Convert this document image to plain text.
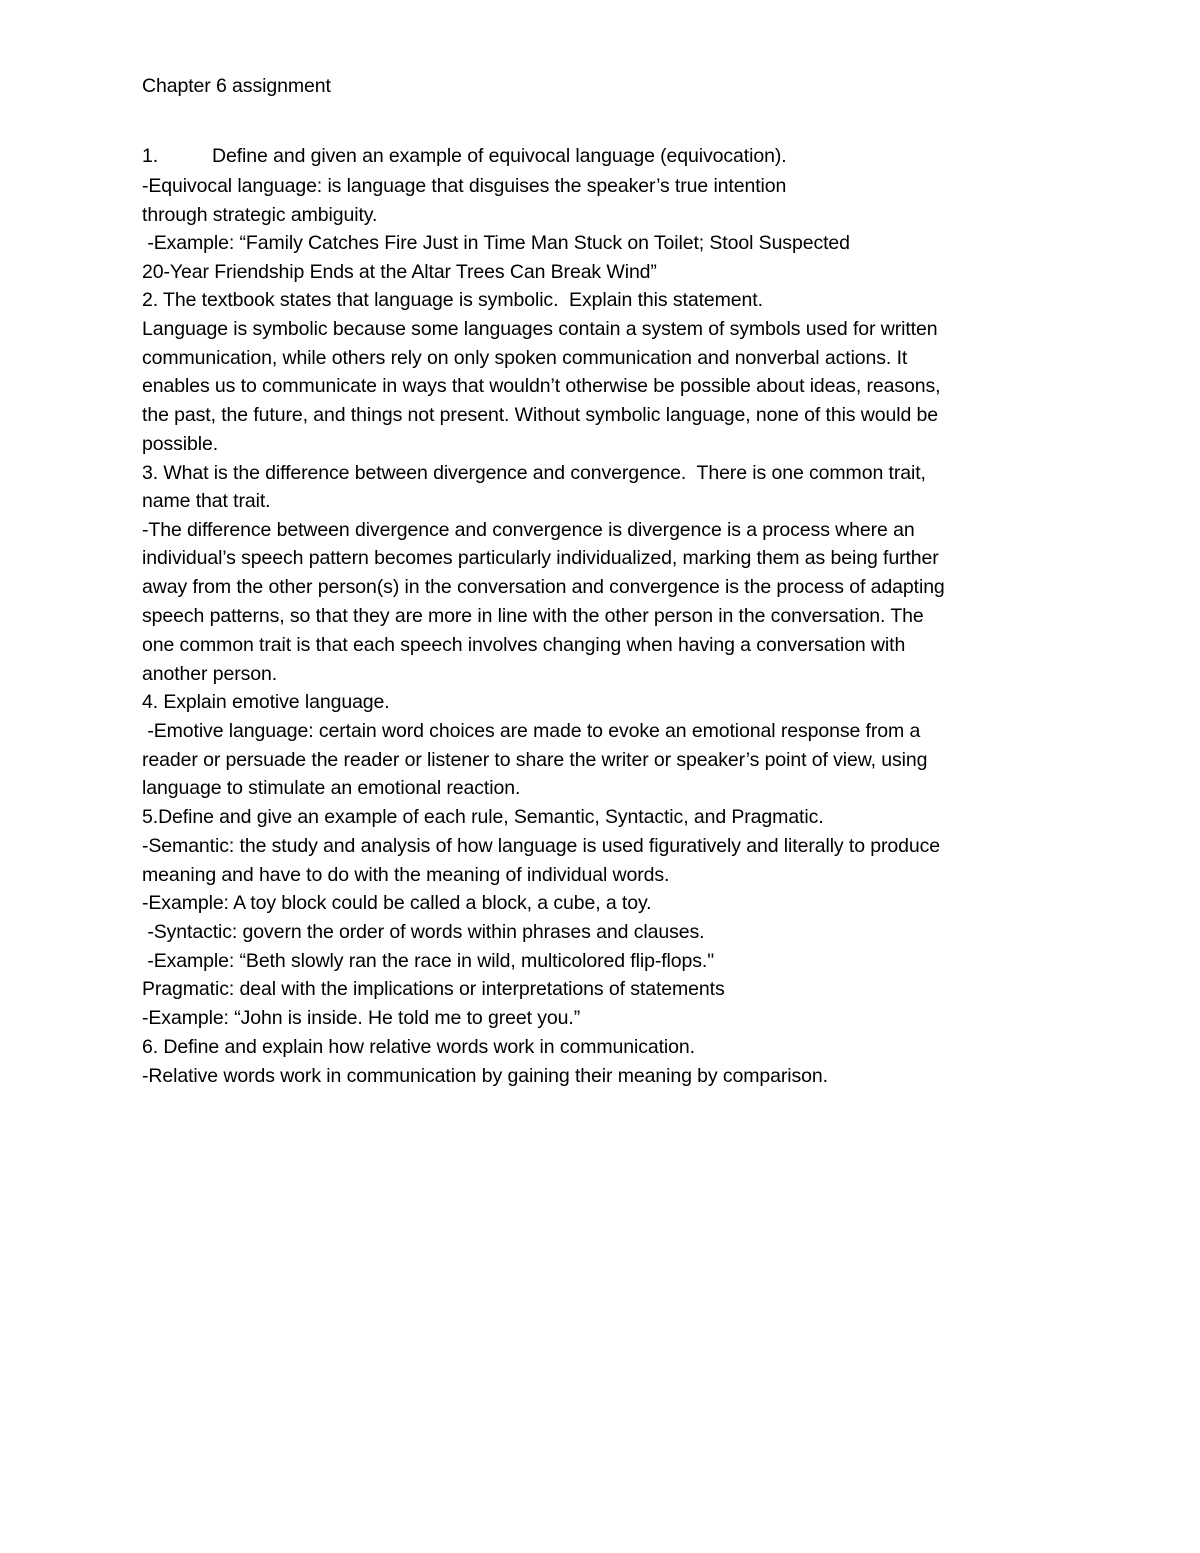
Chapter 6 assignment
1.	Define and given an example of equivocal language (equivocation).
-Equivocal language: is language that disguises the speaker’s true intention
through strategic ambiguity.
-Example: “Family Catches Fire Just in Time Man Stuck on Toilet; Stool Suspected
20-Year Friendship Ends at the Altar Trees Can Break Wind”
2. The textbook states that language is symbolic.  Explain this statement.
Language is symbolic because some languages contain a system of symbols used for written
communication, while others rely on only spoken communication and nonverbal actions. It
enables us to communicate in ways that wouldn’t otherwise be possible about ideas, reasons,
the past, the future, and things not present. Without symbolic language, none of this would be
possible.
3. What is the difference between divergence and convergence.  There is one common trait,
name that trait.
-The difference between divergence and convergence is divergence is a process where an
individual’s speech pattern becomes particularly individualized, marking them as being further
away from the other person(s) in the conversation and convergence is the process of adapting
speech patterns, so that they are more in line with the other person in the conversation. The
one common trait is that each speech involves changing when having a conversation with
another person.
4. Explain emotive language.
-Emotive language: certain word choices are made to evoke an emotional response from a
reader or persuade the reader or listener to share the writer or speaker’s point of view, using
language to stimulate an emotional reaction.
5.Define and give an example of each rule, Semantic, Syntactic, and Pragmatic.
-Semantic: the study and analysis of how language is used figuratively and literally to produce
meaning and have to do with the meaning of individual words.
-Example: A toy block could be called a block, a cube, a toy.
-Syntactic: govern the order of words within phrases and clauses.
-Example: “Beth slowly ran the race in wild, multicolored flip-flops."
Pragmatic: deal with the implications or interpretations of statements
-Example: “John is inside. He told me to greet you.”
6. Define and explain how relative words work in communication.
-Relative words work in communication by gaining their meaning by comparison.
